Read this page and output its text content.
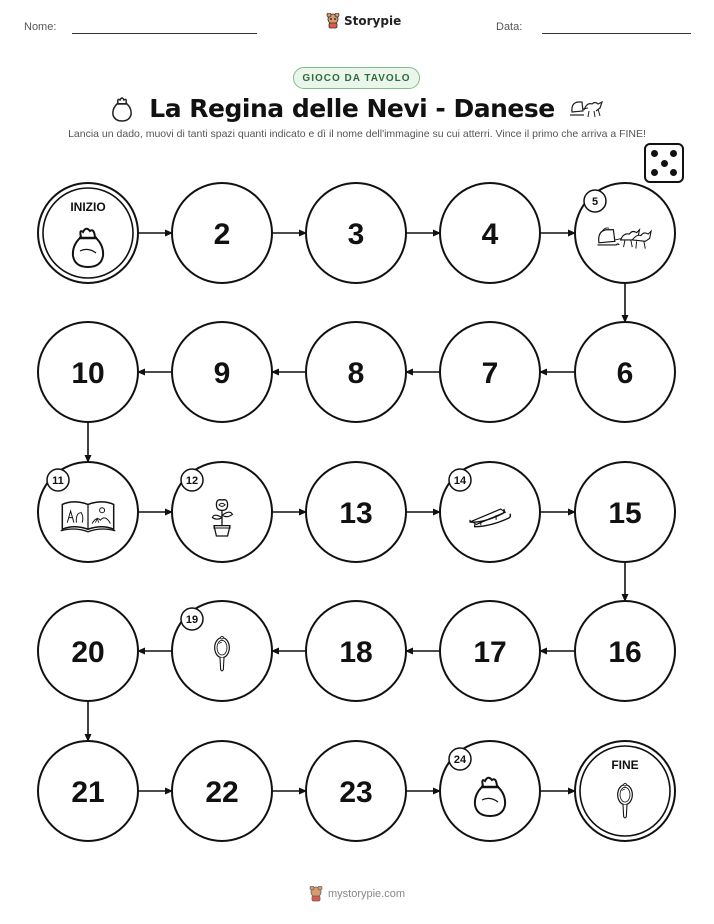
Nome:	Storypie	Data:
GIOCO DA TAVOLO
La Regina delle Nevi - Danese
Lancia un dado, muovi di tanti spazi quanti indicato e dì il nome dell'immagine su cui atterri. Vince il primo che arriva a FINE!
INIZIO
2	3	4
5
6
7
8
9
10
11	12
13
14
15
16
17
18
19
20
21	22	23
24	FINE
mystorypie.com
